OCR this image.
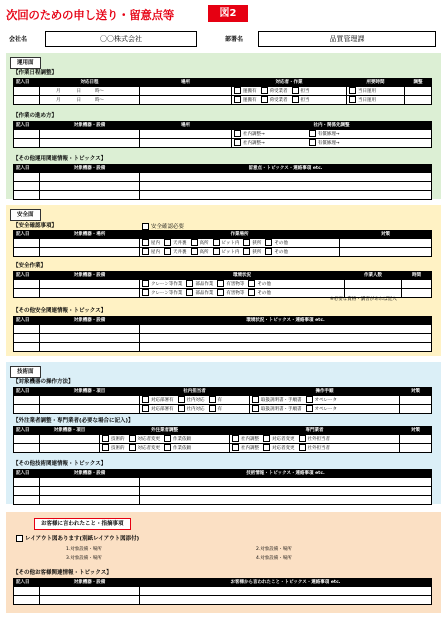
次回のための申し送り・留意点等	図2
会社名	〇〇株式会社	部署名	品質管理課
運用面
【作業日程調整】
記入日	対応日程	場所	対応者・作業	所要時間	調整
	月 日 時～		運搬有 荷受業者 担当	当日運用	
	月 日 時～		運搬有 荷受業者 担当	当日運用	
【作業の進め方】
記入日	対象機器・設備	場所	社内・関係先調整
			社内調整→ 有償修理→
			社内調整→ 有償修理→
【その他運用関連情報・トピックス】
記入日	対象機器・設備	留意点・トピックス・連絡事項 etc.

安全面
【安全確認事項】	安全確認必要
記入日	対象機器・場所	作業場所	対策
		屋内 天井裏 高所 ピット内 狭所 その他	
		屋内 天井裏 高所 ピット内 狭所 その他	
【安全作業】
記入日	対象機器・設備	環境状況	作業人数	時間
		クレーン等作業 部品作業 有害物等 その他		
		クレーン等作業 部品作業 有害物等 その他		
※必要な資格・講習があれば記入
【その他安全関連情報・トピックス】
記入日	対象機器・設備	環境状況・トピックス・連絡事項 etc.

技術面
【対象機器の操作方法】
記入日	対象機器・項目	社内担当者	操作手順	対策
		対応部署有 社内対応 有	取扱説明書・手順書 オペレータ	
		対応部署有 社内対応 有	取扱説明書・手順書 オペレータ	
【外注業者調整・専門業者(必要な場合に記入)】
記入日	対象機器・項目	外注業者調整	専門業者	対策
		技術的 対応者変更 作業依頼	社内調整 対応者変更 社外担当者	
		技術的 対応者変更 作業依頼	社内調整 対応者変更 社外担当者	
【その他技術関連情報・トピックス】
記入日	対象機器・設備	技術情報・トピックス・連絡事項 etc.

お客様に言われたこと・指摘事項
レイアウト図あります(別紙レイアウト図添付)
1.対象設備・場所
3.対象設備・場所
2.対象設備・場所
4.対象設備・場所
【その他お客様関連情報・トピックス】
記入日	対象機器・設備	お客様から言われたこと・トピックス・連絡事項 etc.
